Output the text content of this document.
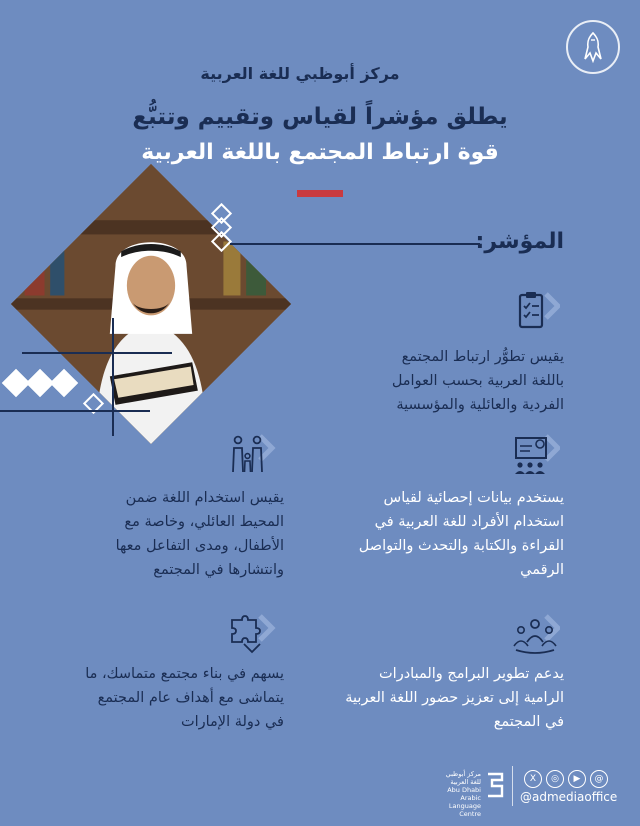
مركز أبوظبي للغة العربية
يطلق مؤشراً لقياس وتقييم وتتبُّع
قوة ارتباط المجتمع باللغة العربية
المؤشر:
يقيس تطوُّر ارتباط المجتمع
باللغة العربية بحسب العوامل
الفردية والعائلية والمؤسسية
يستخدم بيانات إحصائية لقياس
استخدام الأفراد للغة العربية في
القراءة والكتابة والتحدث والتواصل
الرقمي
يقيس استخدام اللغة ضمن
المحيط العائلي، وخاصة مع
الأطفال، ومدى التفاعل معها
وانتشارها في المجتمع
يدعم تطوير البرامج والمبادرات
الرامية إلى تعزيز حضور اللغة العربية
في المجتمع
يسهم في بناء مجتمع متماسك، ما
يتماشى مع أهداف عام المجتمع
في دولة الإمارات
X	◎	▶	@
@admediaoffice
مركز أبوظبي
للغة العربية
Abu Dhabi Arabic
Language Centre
